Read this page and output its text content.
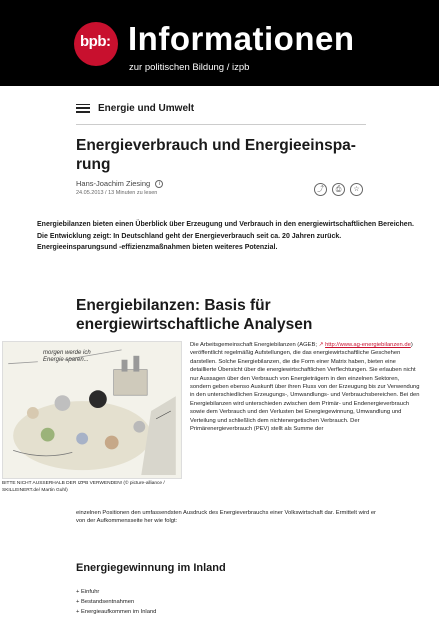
bpb: Informationen
zur politischen Bildung / izpb
Energie und Umwelt
Energieverbrauch und Energieeinspa- rung
Hans-Joachim Ziesing i
24.05.2013 / 13 Minuten zu lesen	⤴	⎙	☆

Energiebilanzen bieten einen Überblick über Erzeugung und Verbrauch in den energiewirtschaftlichen Bereichen. Die Entwicklung zeigt: In Deutschland geht der Energieverbrauch seit ca. 20 Jahren zurück. Energieeinsparungsund -effizienzmaßnahmen bieten weiteres Potenzial.

Energiebilanzen: Basis für energiewirtschaftliche Analysen
morgen werde ich Energie sparen...
BITTE NICHT AUSSERHALB DER IZPB VERWENDEN! (© picture-alliance / SKILLEINERT.de/ Martin Guhl)

Die Arbeitsgemeinschaft Energiebilanzen (AGEB; ↗ http://www.ag-energiebilanzen.de) veröffentlicht regelmäßig Aufstellungen, die das energiewirtschaftliche Geschehen darstellen. Solche Energiebilanzen, die die Form einer Matrix haben, bieten eine detaillierte Übersicht über die energiewirtschaftlichen Verflechtungen. Sie erlauben nicht nur Aussagen über den Verbrauch von Energieträgern in den einzelnen Sektoren, sondern geben ebenso Auskunft über ihren Fluss von der Erzeugung bis zur Verwendung in den unterschiedlichen Erzeugungs-, Umwandlungs- und Verbrauchsbereichen. Bei den Energiebilanzen wird unterschieden zwischen dem Primär- und Endenergieverbrauch sowie dem Verbrauch und den Verlusten bei Energiegewinnung, Umwandlung und Verteilung und schließlich dem nichtenergetischen Verbrauch. Der Primärenergieverbrauch (PEV) stellt als Summe der

einzelnen Positionen den umfassendsten Ausdruck des Energieverbrauchs einer Volkswirtschaft dar. Ermittelt wird er von der Aufkommensseite her wie folgt:

Energiegewinnung im Inland
+ Einfuhr
+ Bestandsentnahmen
+ Energieaufkommen im Inland
